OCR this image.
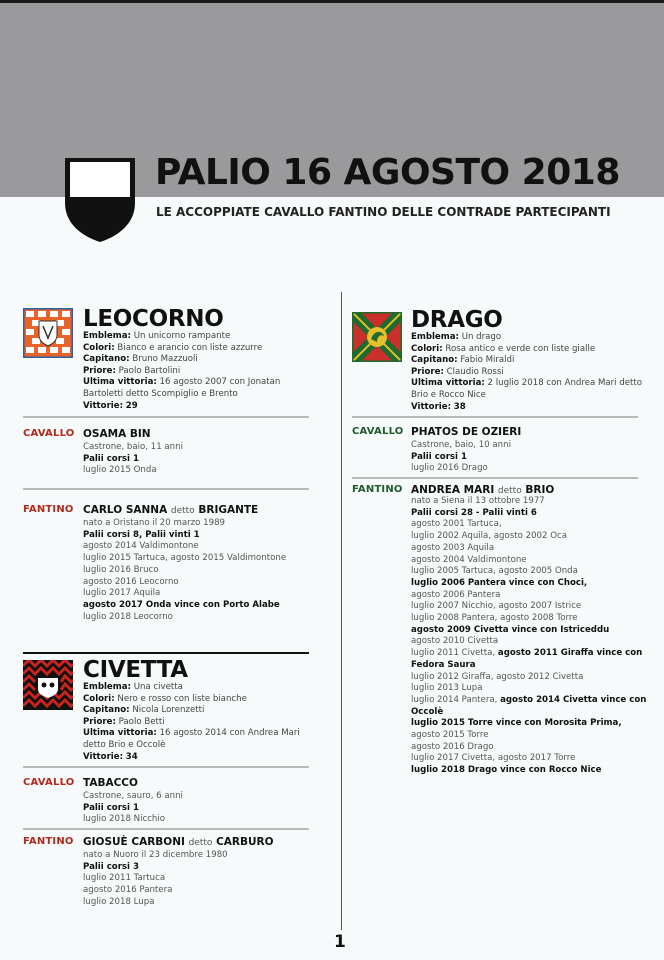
PALIO 16 AGOSTO 2018
LE ACCOPPIATE CAVALLO FANTINO DELLE CONTRADE PARTECIPANTI
LEOCORNO
Emblema: Un unicorno rampante
Colori: Bianco e arancio con liste azzurre
Capitano: Bruno Mazzuoli
Priore: Paolo Bartolini
Ultima vittoria: 16 agosto 2007 con Jonatan Bartoletti detto Scompiglio e Brento
Vittorie: 29
CAVALLO OSAMA BIN
Castrone, baio, 11 anni
Palii corsi 1
luglio 2015 Onda
FANTINO CARLO SANNA detto BRIGANTE
nato a Oristano il 20 marzo 1989
Palii corsi 8, Palii vinti 1
agosto 2014 Valdimontone
luglio 2015 Tartuca, agosto 2015 Valdimontone
luglio 2016 Bruco
agosto 2016 Leocorno
luglio 2017 Aquila
agosto 2017 Onda vince con Porto Alabe
luglio 2018 Leocorno
CIVETTA
Emblema: Una civetta
Colori: Nero e rosso con liste bianche
Capitano: Nicola Lorenzetti
Priore: Paolo Betti
Ultima vittoria: 16 agosto 2014 con Andrea Mari detto Brio e Occolè
Vittorie: 34
CAVALLO TABACCO
Castrone, sauro, 6 anni
Palii corsi 1
luglio 2018 Nicchio
FANTINO GIOSUÈ CARBONI detto CARBURO
nato a Nuoro il 23 dicembre 1980
Palii corsi 3
luglio 2011 Tartuca
agosto 2016 Pantera
luglio 2018 Lupa
DRAGO
Emblema: Un drago
Colori: Rosa antico e verde con liste gialle
Capitano: Fabio Miraldi
Priore: Claudio Rossi
Ultima vittoria: 2 luglio 2018 con Andrea Mari detto Brio e Rocco Nice
Vittorie: 38
CAVALLO PHATOS DE OZIERI
Castrone, baio, 10 anni
Palii corsi 1
luglio 2016 Drago
FANTINO ANDREA MARI detto BRIO
nato a Siena il 13 ottobre 1977
Palii corsi 28 - Palii vinti 6
agosto 2001 Tartuca,
luglio 2002 Aquila, agosto 2002 Oca
agosto 2003 Aquila
agosto 2004 Valdimontone
luglio 2005 Tartuca, agosto 2005 Onda
luglio 2006 Pantera vince con Choci,
agosto 2006 Pantera
luglio 2007 Nicchio, agosto 2007 Istrice
luglio 2008 Pantera, agosto 2008 Torre
agosto 2009 Civetta vince con Istriceddu
agosto 2010 Civetta
luglio 2011 Civetta, agosto 2011 Giraffa vince con
Fedora Saura
luglio 2012 Giraffa, agosto 2012 Civetta
luglio 2013 Lupa
luglio 2014 Pantera, agosto 2014 Civetta vince con
Occolè
luglio 2015 Torre vince con Morosita Prima,
agosto 2015 Torre
agosto 2016 Drago
luglio 2017 Civetta, agosto 2017 Torre
luglio 2018 Drago vince con Rocco Nice
1
